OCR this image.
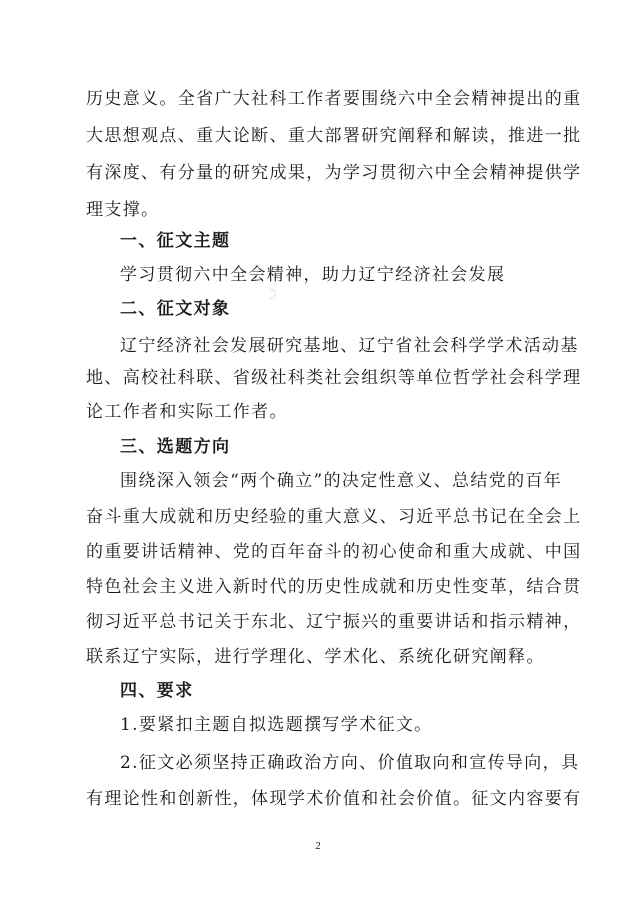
历史意义。全省广大社科工作者要围绕六中全会精神提出的重
大思想观点、重大论断、重大部署研究阐释和解读，推进一批
有深度、有分量的研究成果，为学习贯彻六中全会精神提供学
理支撑。
一、征文主题
学习贯彻六中全会精神，助力辽宁经济社会发展
二、征文对象
辽宁经济社会发展研究基地、辽宁省社会科学学术活动基
地、高校社科联、省级社科类社会组织等单位哲学社会科学理
论工作者和实际工作者。
三、选题方向
围绕深入领会“两个确立”的决定性意义、总结党的百年
奋斗重大成就和历史经验的重大意义、习近平总书记在全会上
的重要讲话精神、党的百年奋斗的初心使命和重大成就、中国
特色社会主义进入新时代的历史性成就和历史性变革，结合贯
彻习近平总书记关于东北、辽宁振兴的重要讲话和指示精神，
联系辽宁实际，进行学理化、学术化、系统化研究阐释。
四、要求
1.要紧扣主题自拟选题撰写学术征文。
2.征文必须坚持正确政治方向、价值取向和宣传导向，具
有理论性和创新性，体现学术价值和社会价值。征文内容要有
2
